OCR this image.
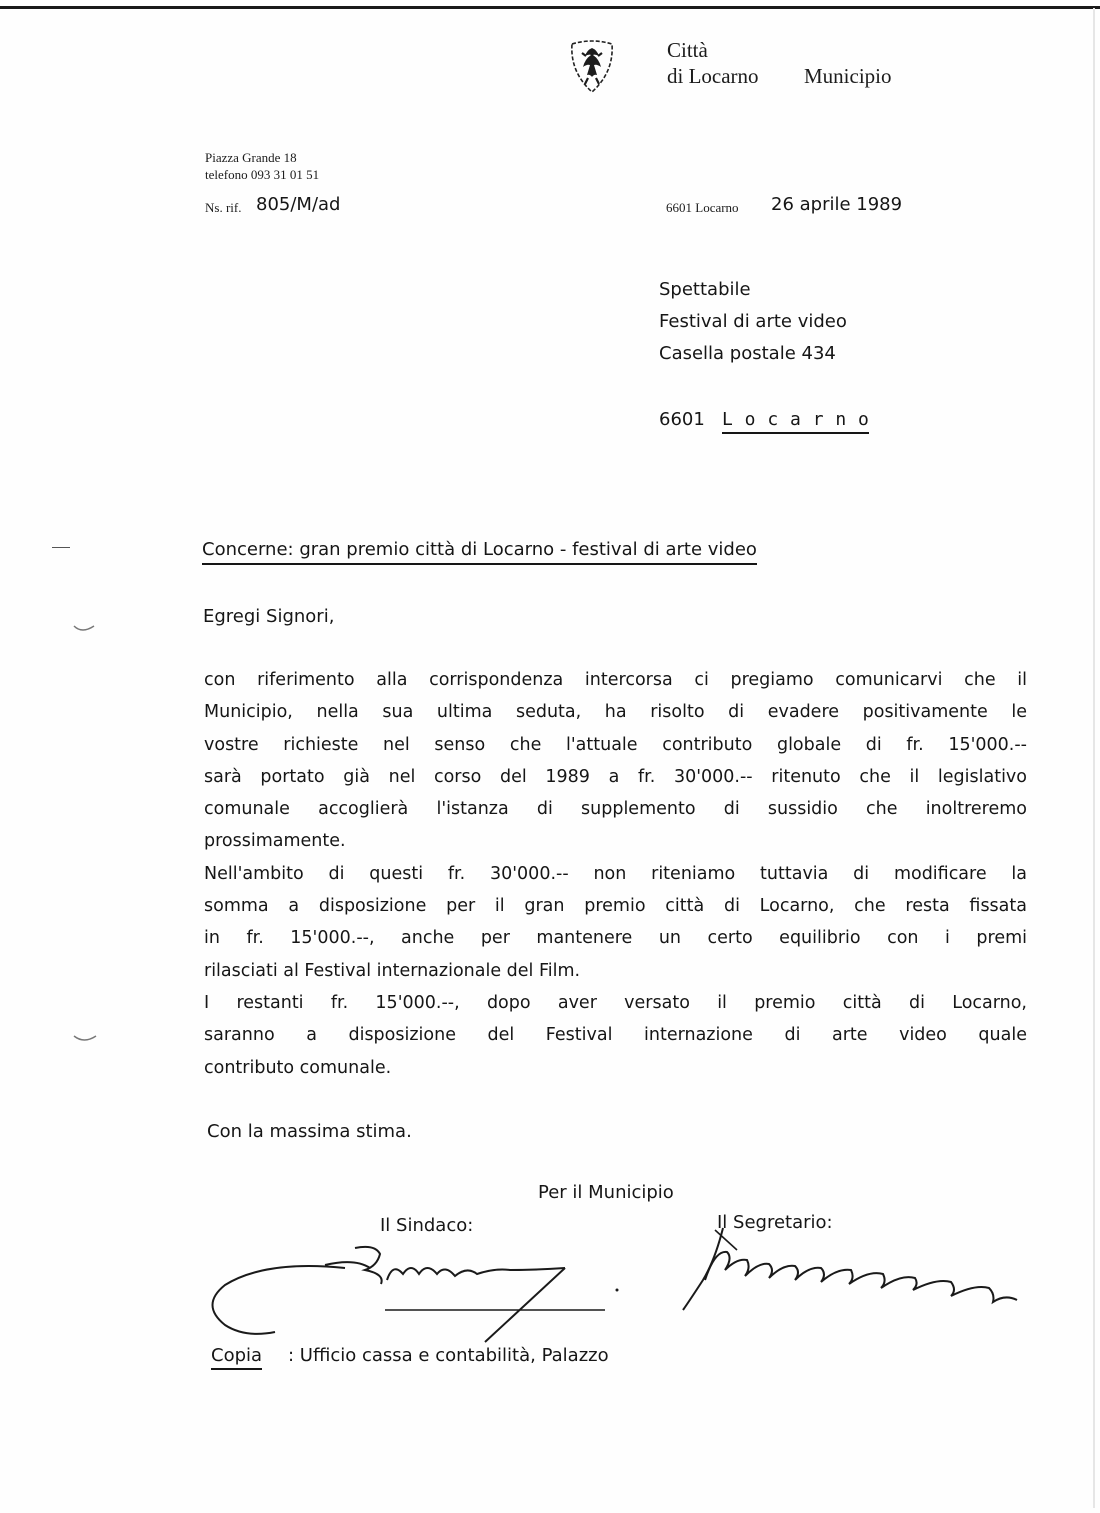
Città
di Locarno Municipio
Piazza Grande 18
telefono 093 31 01 51
Ns. rif. 805/M/ad	6601 Locarno 26 aprile 1989
Spettabile
Festival di arte video
Casella postale 434
6601 L o c a r n o
Concerne: gran premio città di Locarno - festival di arte video
Egregi Signori,
con riferimento alla corrispondenza intercorsa ci pregiamo comunicarvi che il
Municipio, nella sua ultima seduta, ha risolto di evadere positivamente le
vostre richieste nel senso che l'attuale contributo globale di fr. 15'000.--
sarà portato già nel corso del 1989 a fr. 30'000.-- ritenuto che il legislativo
comunale accoglierà l'istanza di supplemento di sussidio che inoltreremo
prossimamente.
Nell'ambito di questi fr. 30'000.-- non riteniamo tuttavia di modificare la
somma a disposizione per il gran premio città di Locarno, che resta fissata
in fr. 15'000.--, anche per mantenere un certo equilibrio con i premi
rilasciati al Festival internazionale del Film.
I restanti fr. 15'000.--, dopo aver versato il premio città di Locarno,
saranno a disposizione del Festival internazione di arte video quale
contributo comunale.
Con la massima stima.
Per il Municipio
Il Sindaco:	Il Segretario:
Copia : Ufficio cassa e contabilità, Palazzo
